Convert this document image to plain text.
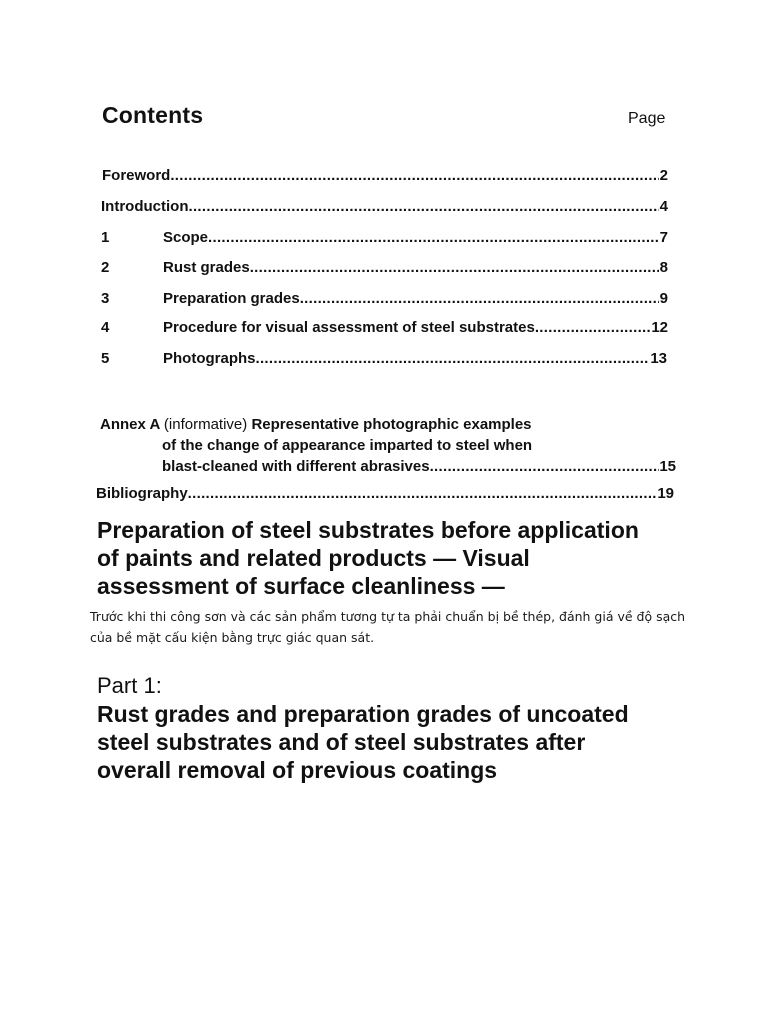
Contents	Page
Foreword .....	2
Introduction .....	4
1	Scope .....	7
2	Rust grades .....	8
3	Preparation grades .....	9
4	Procedure for visual assessment of steel substrates .....	12
5	Photographs .....	13
Annex A (informative) Representative photographic examples
of the change of appearance imparted to steel when
blast-cleaned with different abrasives .....	15
Bibliography .....	19
Preparation of steel substrates before application
of paints and related products — Visual
assessment of surface cleanliness —
Trước khi thi công sơn và các sản phẩm tương tự ta phải chuẩn bị bề thép, đánh giá về độ sạch
của bề mặt cấu kiện bằng trực giác quan sát.
Part 1:
Rust grades and preparation grades of uncoated
steel substrates and of steel substrates after
overall removal of previous coatings
